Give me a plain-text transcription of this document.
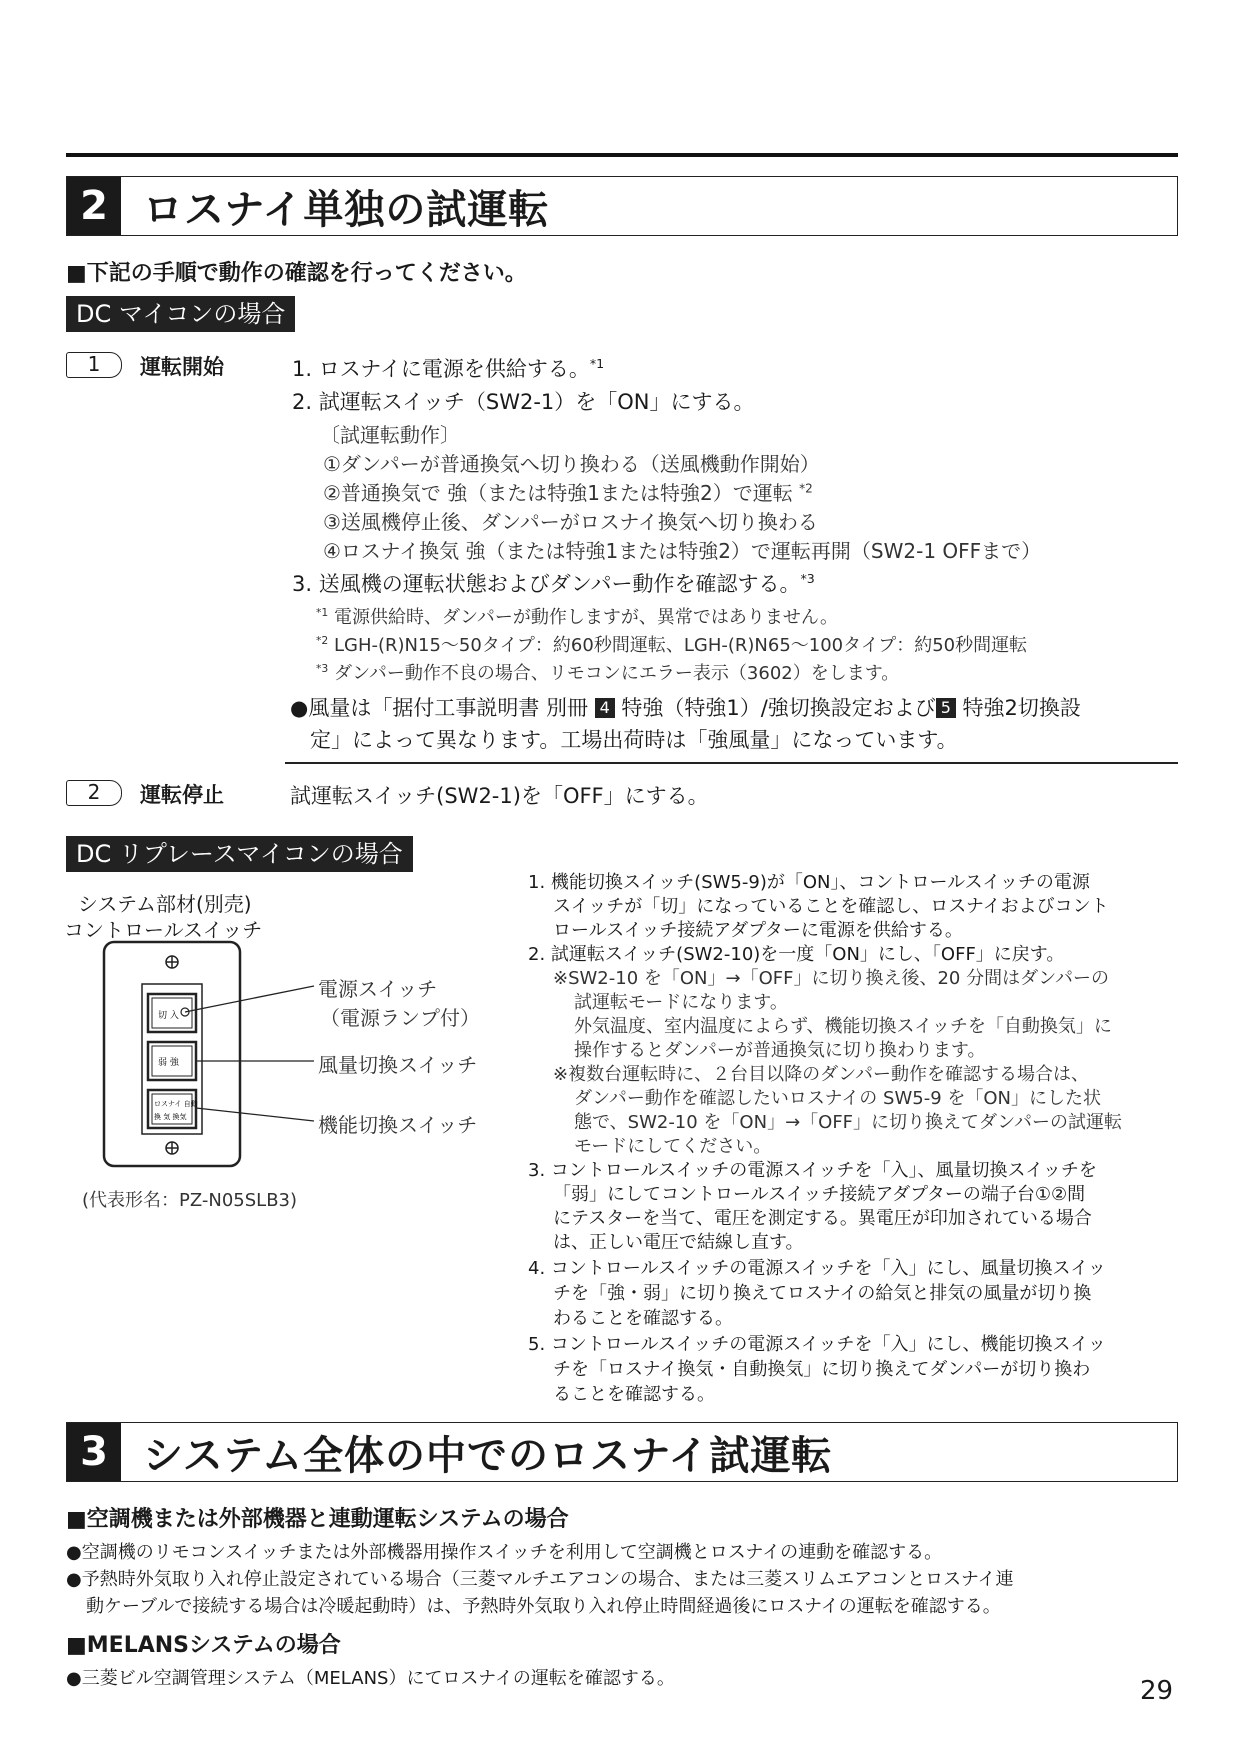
2 ロスナイ単独の試運転
■下記の手順で動作の確認を行ってください。
DC マイコンの場合
1	運転開始	1. ロスナイに電源を供給する。$^{*1}$
2. 試運転スイッチ（SW2-1）を「ON」にする。
〔試運転動作〕
①ダンパーが普通換気へ切り換わる（送風機動作開始）
②普通換気で 強（または特強1または特強2）で運転 $^{*2}$
③送風機停止後、ダンパーがロスナイ換気へ切り換わる
④ロスナイ換気 強（または特強1または特強2）で運転再開（SW2-1 OFFまで）
3. 送風機の運転状態およびダンパー動作を確認する。$^{*3}$
$^{*1}$ 電源供給時、ダンパーが動作しますが、異常ではありません。
$^{*2}$ LGH-(R)N15～50タイプ：約60秒間運転、LGH-(R)N65～100タイプ：約50秒間運転
$^{*3}$ ダンパー動作不良の場合、リモコンにエラー表示（3602）をします。
●風量は「据付工事説明書 別冊 4 特強（特強1）/強切換設定および 5 特強2切換設
定」によって異なります。工場出荷時は「強風量」になっています。
2	運転停止	試運転スイッチ(SW2-1)を「OFF」にする。
DC リプレースマイコンの場合
システム部材(別売)
コントロールスイッチ
切 入
弱 強
ロスナイ 自動
換 気 換気
電源スイッチ
（電源ランプ付）
風量切換スイッチ
機能切換スイッチ
(代表形名：PZ-N05SLB3)
1. 機能切換スイッチ(SW5-9)が「ON」、コントロールスイッチの電源
スイッチが「切」になっていることを確認し、ロスナイおよびコント
ロールスイッチ接続アダプターに電源を供給する。
2. 試運転スイッチ(SW2-10)を一度「ON」にし、「OFF」に戻す。
※SW2-10 を「ON」→「OFF」に切り換え後、20 分間はダンパーの
試運転モードになります。
外気温度、室内温度によらず、機能切換スイッチを「自動換気」に
操作するとダンパーが普通換気に切り換わります。
※複数台運転時に、２台目以降のダンパー動作を確認する場合は、
ダンパー動作を確認したいロスナイの SW5-9 を「ON」にした状
態で、SW2-10 を「ON」→「OFF」に切り換えてダンパーの試運転
モードにしてください。
3. コントロールスイッチの電源スイッチを「入」、風量切換スイッチを
「弱」にしてコントロールスイッチ接続アダプターの端子台①②間
にテスターを当て、電圧を測定する。異電圧が印加されている場合
は、正しい電圧で結線し直す。
4. コントロールスイッチの電源スイッチを「入」にし、風量切換スイッ
チを「強・弱」に切り換えてロスナイの給気と排気の風量が切り換
わることを確認する。
5. コントロールスイッチの電源スイッチを「入」にし、機能切換スイッ
チを「ロスナイ換気・自動換気」に切り換えてダンパーが切り換わ
ることを確認する。
3 システム全体の中でのロスナイ試運転
■空調機または外部機器と連動運転システムの場合
●空調機のリモコンスイッチまたは外部機器用操作スイッチを利用して空調機とロスナイの連動を確認する。
●予熱時外気取り入れ停止設定されている場合（三菱マルチエアコンの場合、または三菱スリムエアコンとロスナイ連
動ケーブルで接続する場合は冷暖起動時）は、予熱時外気取り入れ停止時間経過後にロスナイの運転を確認する。
■MELANSシステムの場合
●三菱ビル空調管理システム（MELANS）にてロスナイの運転を確認する。	29
